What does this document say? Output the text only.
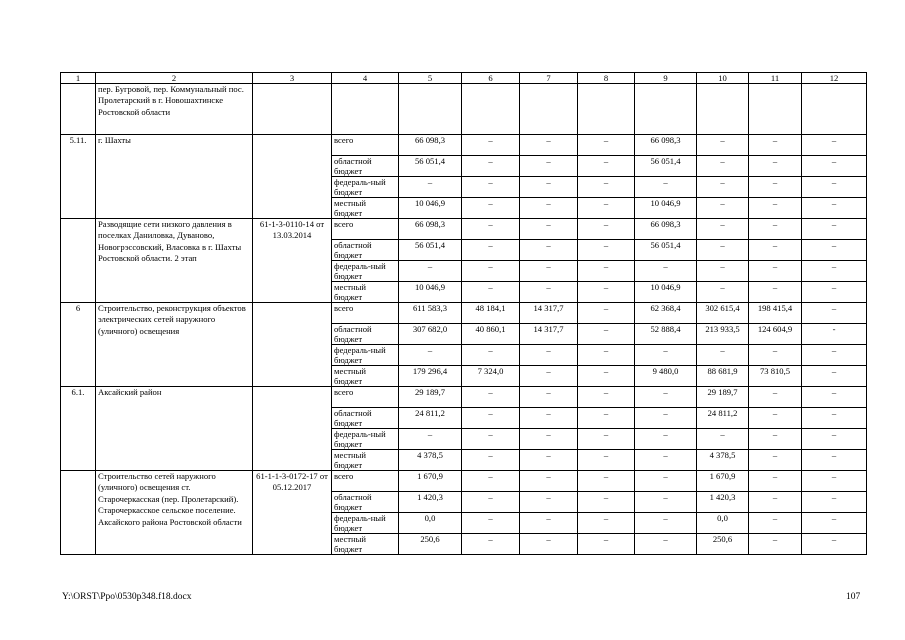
1	2	3	4	5	6	7	8	9	10	11	12
	пер. Бугровой, пер. Коммунальный пос. Пролетарский в г. Новошахтинске Ростовской области										
5.11.	г. Шахты		всего	66 098,3	–	–	–	66 098,3	–	–	–
			областной бюджет	56 051,4	–	–	–	56 051,4	–	–	–
			федераль-ный бюджет	–	–	–	–	–	–	–	–
			местный бюджет	10 046,9	–	–	–	10 046,9	–	–	–
	Разводящие сети низкого давления в поселках Даниловка, Дуваново, Новогрэссовский, Власовка в г. Шахты Ростовской области. 2 этап	61-1-3-0110-14 от 13.03.2014	всего	66 098,3	–	–	–	66 098,3	–	–	–
			областной бюджет	56 051,4	–	–	–	56 051,4	–	–	–
			федераль-ный бюджет	–	–	–	–	–	–	–	–
			местный бюджет	10 046,9	–	–	–	10 046,9	–	–	–
6	Строительство, реконструкция объектов электрических сетей наружного (уличного) освещения		всего	611 583,3	48 184,1	14 317,7	–	62 368,4	302 615,4	198 415,4	–
			областной бюджет	307 682,0	40 860,1	14 317,7	–	52 888,4	213 933,5	124 604,9	-
			федераль-ный бюджет	–	–	–	–	–	–	–	–
			местный бюджет	179 296,4	7 324,0	–	–	9 480,0	88 681,9	73 810,5	–
6.1.	Аксайский район		всего	29 189,7	–	–	–	–	29 189,7	–	–
			областной бюджет	24 811,2	–	–	–	–	24 811,2	–	–
			федераль-ный бюджет	–	–	–	–	–	–	–	–
			местный бюджет	4 378,5	–	–	–	–	4 378,5	–	–
	Строительство сетей наружного (уличного) освещения ст. Старочеркасская (пер. Пролетарский). Старочеркасское сельское поселение. Аксайского района Ростовской области	61-1-1-3-0172-17 от 05.12.2017	всего	1 670,9	–	–	–	–	1 670,9	–	–
			областной бюджет	1 420,3	–	–	–	–	1 420,3	–	–
			федераль-ный бюджет	0,0	–	–	–	–	0,0	–	–
			местный бюджет	250,6	–	–	–	–	250,6	–	–
Y:\ORST\Ppo\0530p348.f18.docx	107
